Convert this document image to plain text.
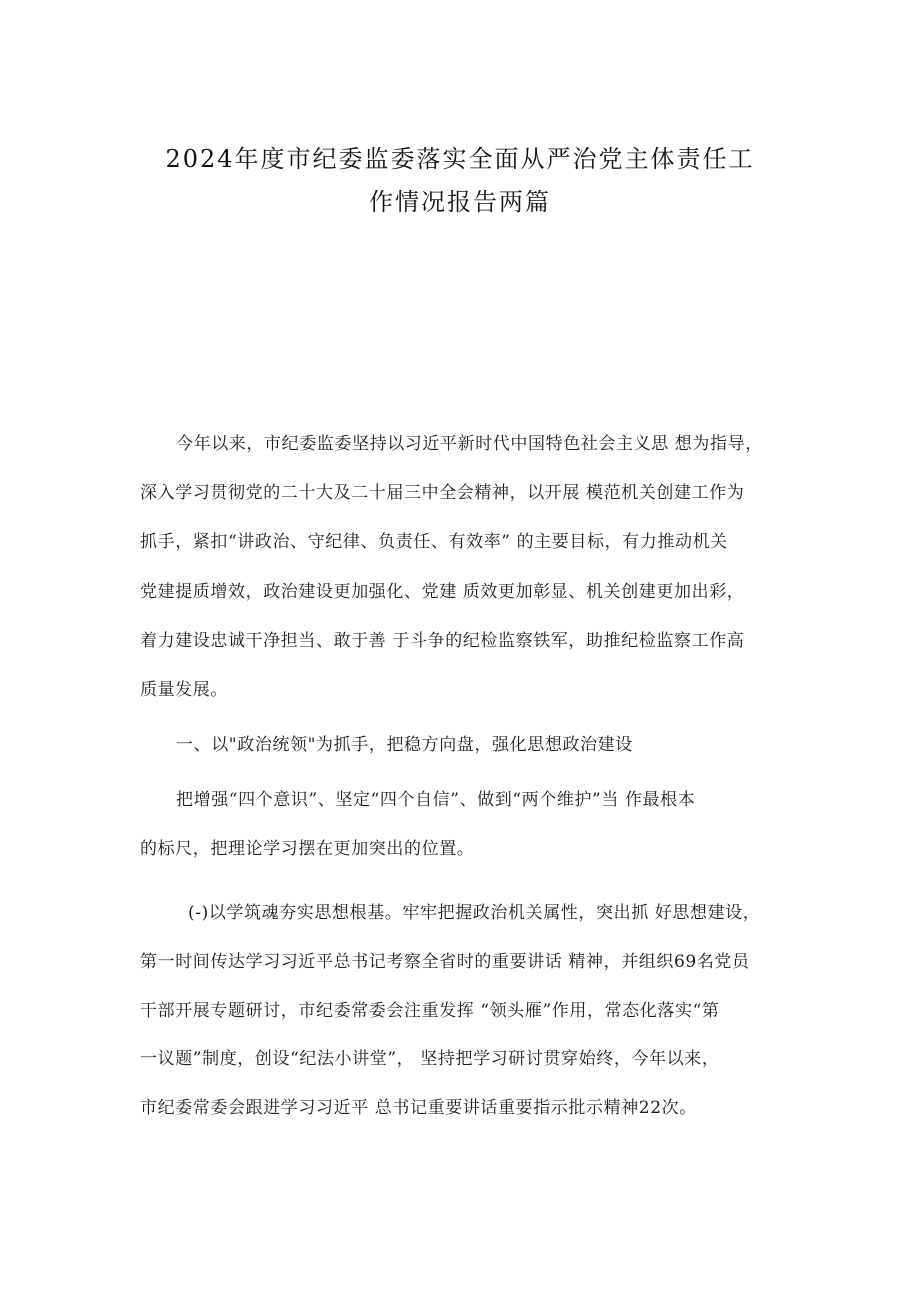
2024年度市纪委监委落实全面从严治党主体责任工
作情况报告两篇
今年以来，市纪委监委坚持以习近平新时代中国特色社会主义思 想为指导，
深入学习贯彻党的二十大及二十届三中全会精神，以开展 模范机关创建工作为
抓手，紧扣“讲政治、守纪律、负责任、有效率” 的主要目标，有力推动机关
党建提质增效，政治建设更加强化、党建 质效更加彰显、机关创建更加出彩，
着力建设忠诚干净担当、敢于善 于斗争的纪检监察铁军，助推纪检监察工作高
质量发展。
一、以"政治统领"为抓手，把稳方向盘，强化思想政治建设
把增强“四个意识”、坚定“四个自信”、做到“两个维护”当 作最根本
的标尺，把理论学习摆在更加突出的位置。
(-)以学筑魂夯实思想根基。牢牢把握政治机关属性，突出抓 好思想建设，
第一时间传达学习习近平总书记考察全省时的重要讲话 精神，并组织69名党员
干部开展专题研讨，市纪委常委会注重发挥 “领头雁”作用，常态化落实“第
一议题”制度，创设“纪法小讲堂”， 坚持把学习研讨贯穿始终，今年以来，
市纪委常委会跟进学习习近平 总书记重要讲话重要指示批示精神22次。
